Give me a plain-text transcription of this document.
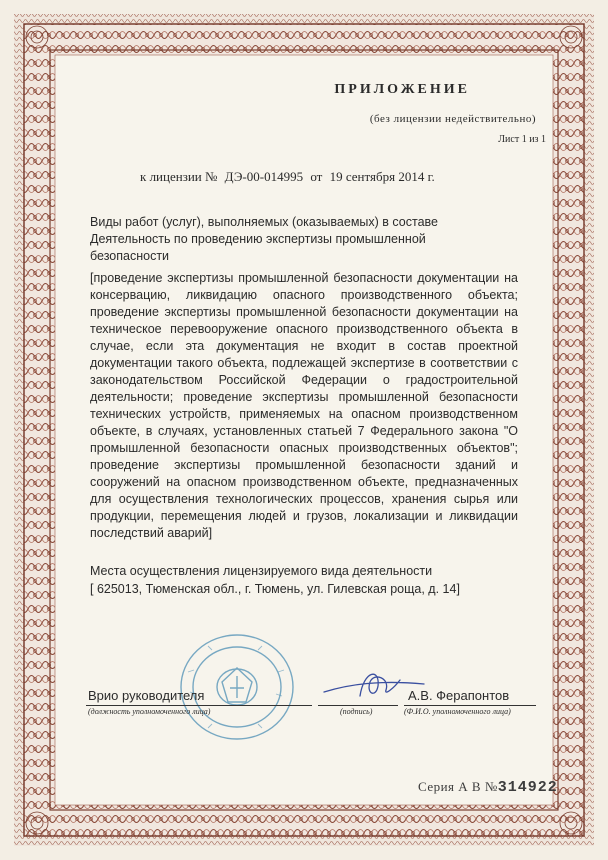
ПРИЛОЖЕНИЕ
(без лицензии недействительно)
Лист 1 из 1
к лицензии № ДЭ-00-014995 от 19 сентября 2014 г.
Виды работ (услуг), выполняемых (оказываемых) в составе Деятельность по проведению экспертизы промышленной безопасности
[проведение экспертизы промышленной безопасности документации на консервацию, ликвидацию опасного производственного объекта; проведение экспертизы промышленной безопасности документации на техническое перевооружение опасного производственного объекта в случае, если эта документация не входит в состав проектной документации такого объекта, подлежащей экспертизе в соответствии с законодательством Российской Федерации о градостроительной деятельности; проведение экспертизы промышленной безопасности технических устройств, применяемых на опасном производственном объекте, в случаях, установленных статьей 7 Федерального закона "О промышленной безопасности опасных производственных объектов"; проведение экспертизы промышленной безопасности зданий и сооружений на опасном производственном объекте, предназначенных для осуществления технологических процессов, хранения сырья или продукции, перемещения людей и грузов, локализации и ликвидации последствий аварий]
Места осуществления лицензируемого вида деятельности
[ 625013, Тюменская обл., г. Тюмень, ул. Гилевская роща, д. 14]
Врио руководителя	А.В. Ферапонтов
(должность уполномоченного лица)	(подпись)	(Ф.И.О. уполномоченного лица)
Серия А В №314922
